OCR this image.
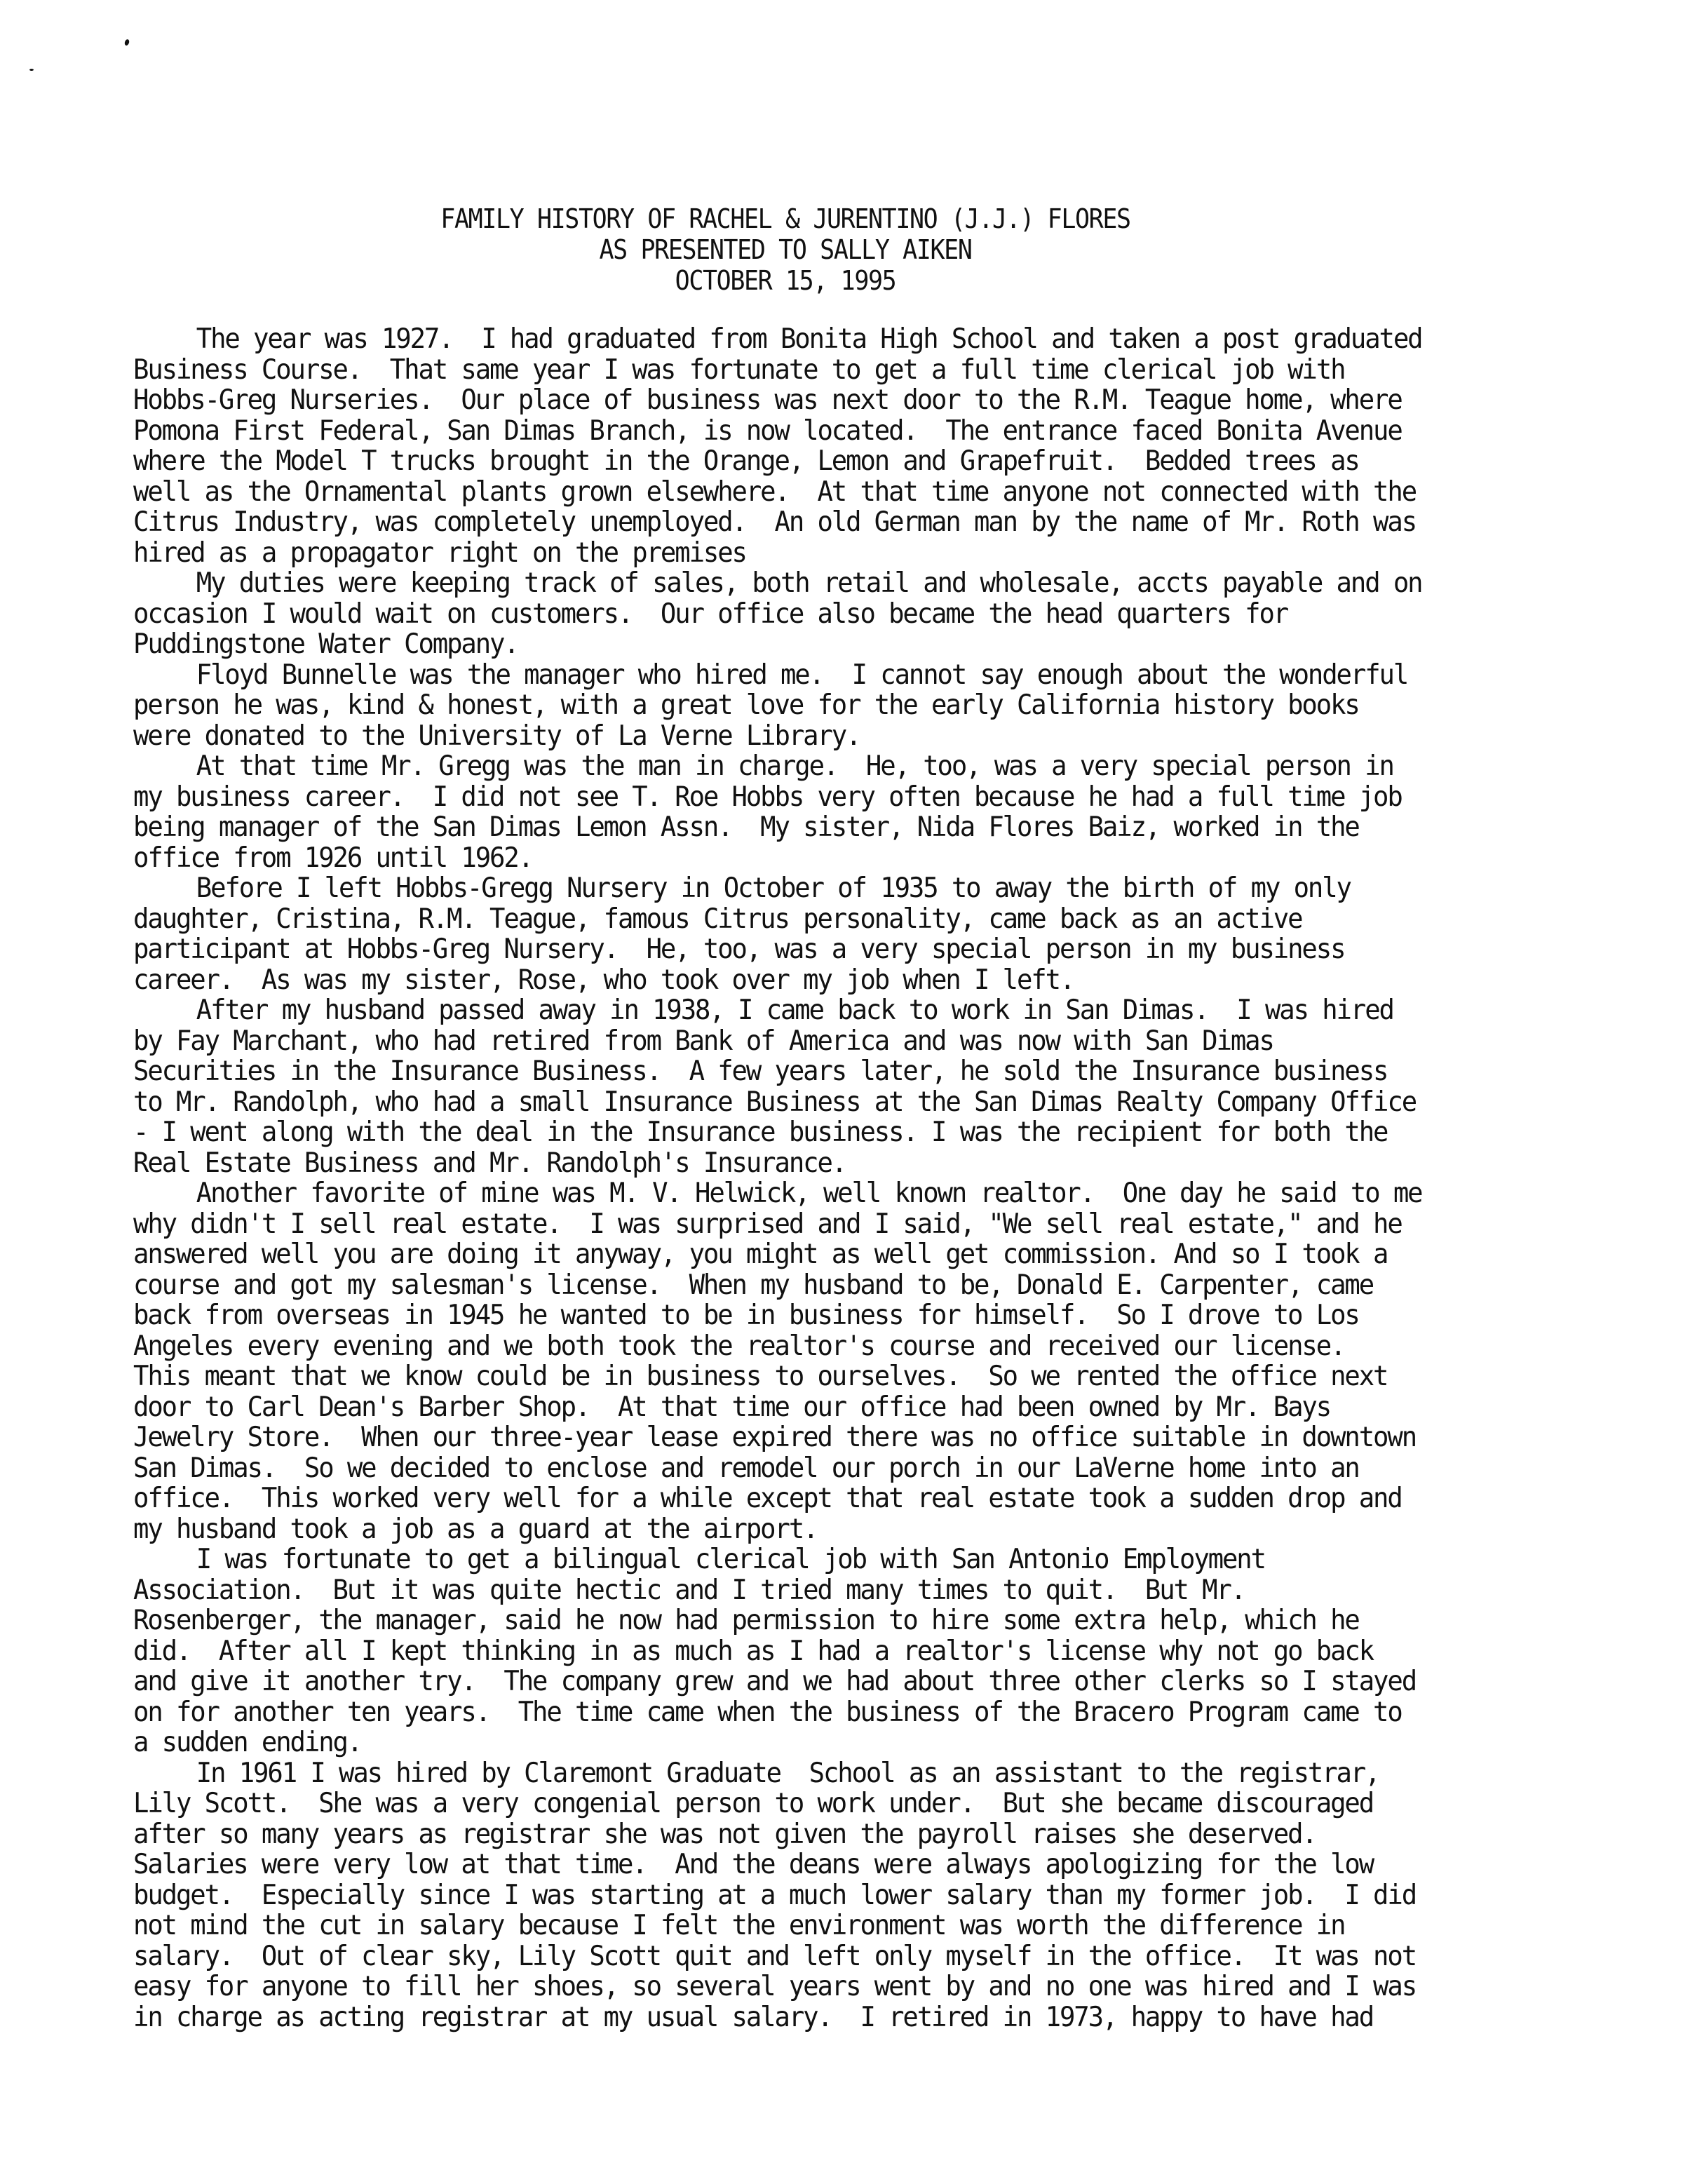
FAMILY HISTORY OF RACHEL & JURENTINO (J.J.) FLORES
AS PRESENTED TO SALLY AIKEN
OCTOBER 15, 1995
The year was 1927.  I had graduated from Bonita High School and taken a post graduated
Business Course.  That same year I was fortunate to get a full time clerical job with
Hobbs-Greg Nurseries.  Our place of business was next door to the R.M. Teague home, where
Pomona First Federal, San Dimas Branch, is now located.  The entrance faced Bonita Avenue
where the Model T trucks brought in the Orange, Lemon and Grapefruit.  Bedded trees as
well as the Ornamental plants grown elsewhere.  At that time anyone not connected with the
Citrus Industry, was completely unemployed.  An old German man by the name of Mr. Roth was
hired as a propagator right on the premises
My duties were keeping track of sales, both retail and wholesale, accts payable and on
occasion I would wait on customers.  Our office also became the head quarters for
Puddingstone Water Company.
Floyd Bunnelle was the manager who hired me.  I cannot say enough about the wonderful
person he was, kind & honest, with a great love for the early California history books
were donated to the University of La Verne Library.
At that time Mr. Gregg was the man in charge.  He, too, was a very special person in
my business career.  I did not see T. Roe Hobbs very often because he had a full time job
being manager of the San Dimas Lemon Assn.  My sister, Nida Flores Baiz, worked in the
office from 1926 until 1962.
Before I left Hobbs-Gregg Nursery in October of 1935 to away the birth of my only
daughter, Cristina, R.M. Teague, famous Citrus personality, came back as an active
participant at Hobbs-Greg Nursery.  He, too, was a very special person in my business
career.  As was my sister, Rose, who took over my job when I left.
After my husband passed away in 1938, I came back to work in San Dimas.  I was hired
by Fay Marchant, who had retired from Bank of America and was now with San Dimas
Securities in the Insurance Business.  A few years later, he sold the Insurance business
to Mr. Randolph, who had a small Insurance Business at the San Dimas Realty Company Office
- I went along with the deal in the Insurance business. I was the recipient for both the
Real Estate Business and Mr. Randolph's Insurance.
Another favorite of mine was M. V. Helwick, well known realtor.  One day he said to me
why didn't I sell real estate.  I was surprised and I said, "We sell real estate," and he
answered well you are doing it anyway, you might as well get commission. And so I took a
course and got my salesman's license.  When my husband to be, Donald E. Carpenter, came
back from overseas in 1945 he wanted to be in business for himself.  So I drove to Los
Angeles every evening and we both took the realtor's course and received our license.
This meant that we know could be in business to ourselves.  So we rented the office next
door to Carl Dean's Barber Shop.  At that time our office had been owned by Mr. Bays
Jewelry Store.  When our three-year lease expired there was no office suitable in downtown
San Dimas.  So we decided to enclose and remodel our porch in our LaVerne home into an
office.  This worked very well for a while except that real estate took a sudden drop and
my husband took a job as a guard at the airport.
I was fortunate to get a bilingual clerical job with San Antonio Employment
Association.  But it was quite hectic and I tried many times to quit.  But Mr.
Rosenberger, the manager, said he now had permission to hire some extra help, which he
did.  After all I kept thinking in as much as I had a realtor's license why not go back
and give it another try.  The company grew and we had about three other clerks so I stayed
on for another ten years.  The time came when the business of the Bracero Program came to
a sudden ending.
In 1961 I was hired by Claremont Graduate  School as an assistant to the registrar,
Lily Scott.  She was a very congenial person to work under.  But she became discouraged
after so many years as registrar she was not given the payroll raises she deserved.
Salaries were very low at that time.  And the deans were always apologizing for the low
budget.  Especially since I was starting at a much lower salary than my former job.  I did
not mind the cut in salary because I felt the environment was worth the difference in
salary.  Out of clear sky, Lily Scott quit and left only myself in the office.  It was not
easy for anyone to fill her shoes, so several years went by and no one was hired and I was
in charge as acting registrar at my usual salary.  I retired in 1973, happy to have had
